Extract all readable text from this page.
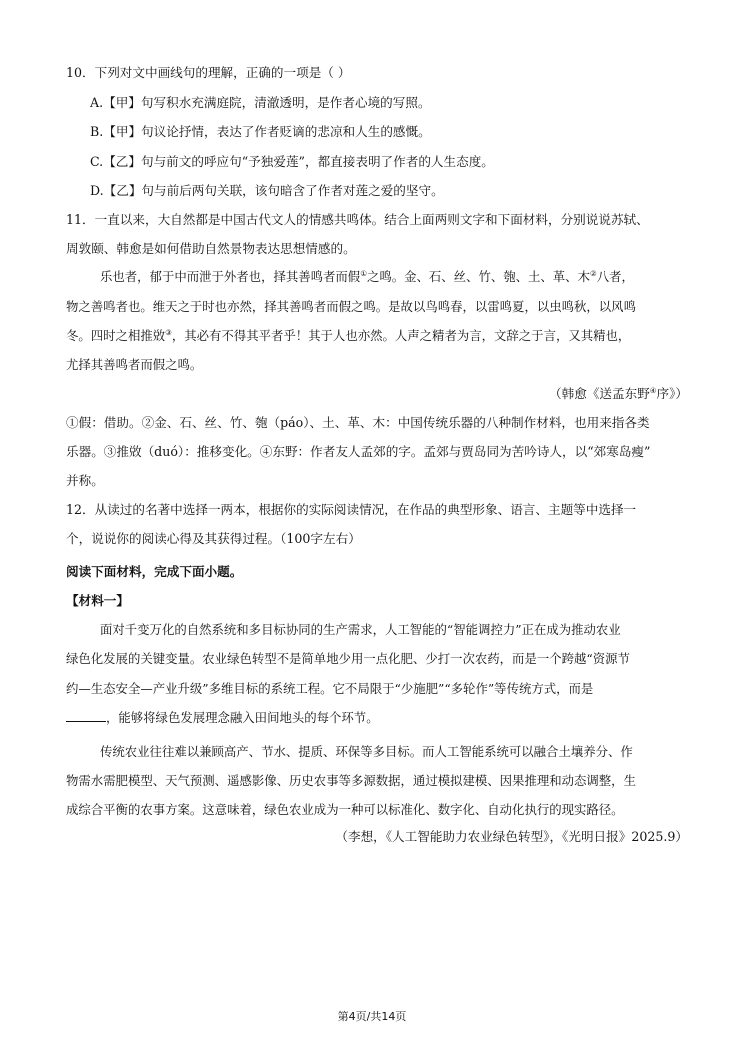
10．下列对文中画线句的理解，正确的一项是（ ）
A.【甲】句写积水充满庭院，清澈透明，是作者心境的写照。
B.【甲】句议论抒情，表达了作者贬谪的悲凉和人生的感慨。
C.【乙】句与前文的呼应句“予独爱莲”，都直接表明了作者的人生态度。
D.【乙】句与前后两句关联，该句暗含了作者对莲之爱的坚守。
11．一直以来，大自然都是中国古代文人的情感共鸣体。结合上面两则文字和下面材料，分别说说苏轼、
周敦颐、韩愈是如何借助自然景物表达思想情感的。
乐也者，郁于中而泄于外者也，择其善鸣者而假①之鸣。金、石、丝、竹、匏、土、革、木②八者，
物之善鸣者也。维天之于时也亦然，择其善鸣者而假之鸣。是故以鸟鸣春，以雷鸣夏，以虫鸣秋，以风鸣
冬。四时之相推敚③，其必有不得其平者乎！其于人也亦然。人声之精者为言，文辞之于言，又其精也，
尤择其善鸣者而假之鸣。
（韩愈《送孟东野④序》）
①假：借助。②金、石、丝、竹、匏（páo）、土、革、木：中国传统乐器的八种制作材料，也用来指各类
乐器。③推敚（duó）：推移变化。④东野：作者友人孟郊的字。孟郊与贾岛同为苦吟诗人，以“郊寒岛瘦”
并称。
12．从读过的名著中选择一两本，根据你的实际阅读情况，在作品的典型形象、语言、主题等中选择一
个，说说你的阅读心得及其获得过程。（100字左右）
阅读下面材料，完成下面小题。
【材料一】
面对千变万化的自然系统和多目标协同的生产需求，人工智能的“智能调控力”正在成为推动农业
绿色化发展的关键变量。农业绿色转型不是简单地少用一点化肥、少打一次农药，而是一个跨越“资源节
约—生态安全—产业升级”多维目标的系统工程。它不局限于“少施肥”“多轮作”等传统方式，而是
，能够将绿色发展理念融入田间地头的每个环节。
传统农业往往难以兼顾高产、节水、提质、环保等多目标。而人工智能系统可以融合土壤养分、作
物需水需肥模型、天气预测、遥感影像、历史农事等多源数据，通过模拟建模、因果推理和动态调整，生
成综合平衡的农事方案。这意味着，绿色农业成为一种可以标准化、数字化、自动化执行的现实路径。
（李想，《人工智能助力农业绿色转型》，《光明日报》2025.9）
第4页/共14页
